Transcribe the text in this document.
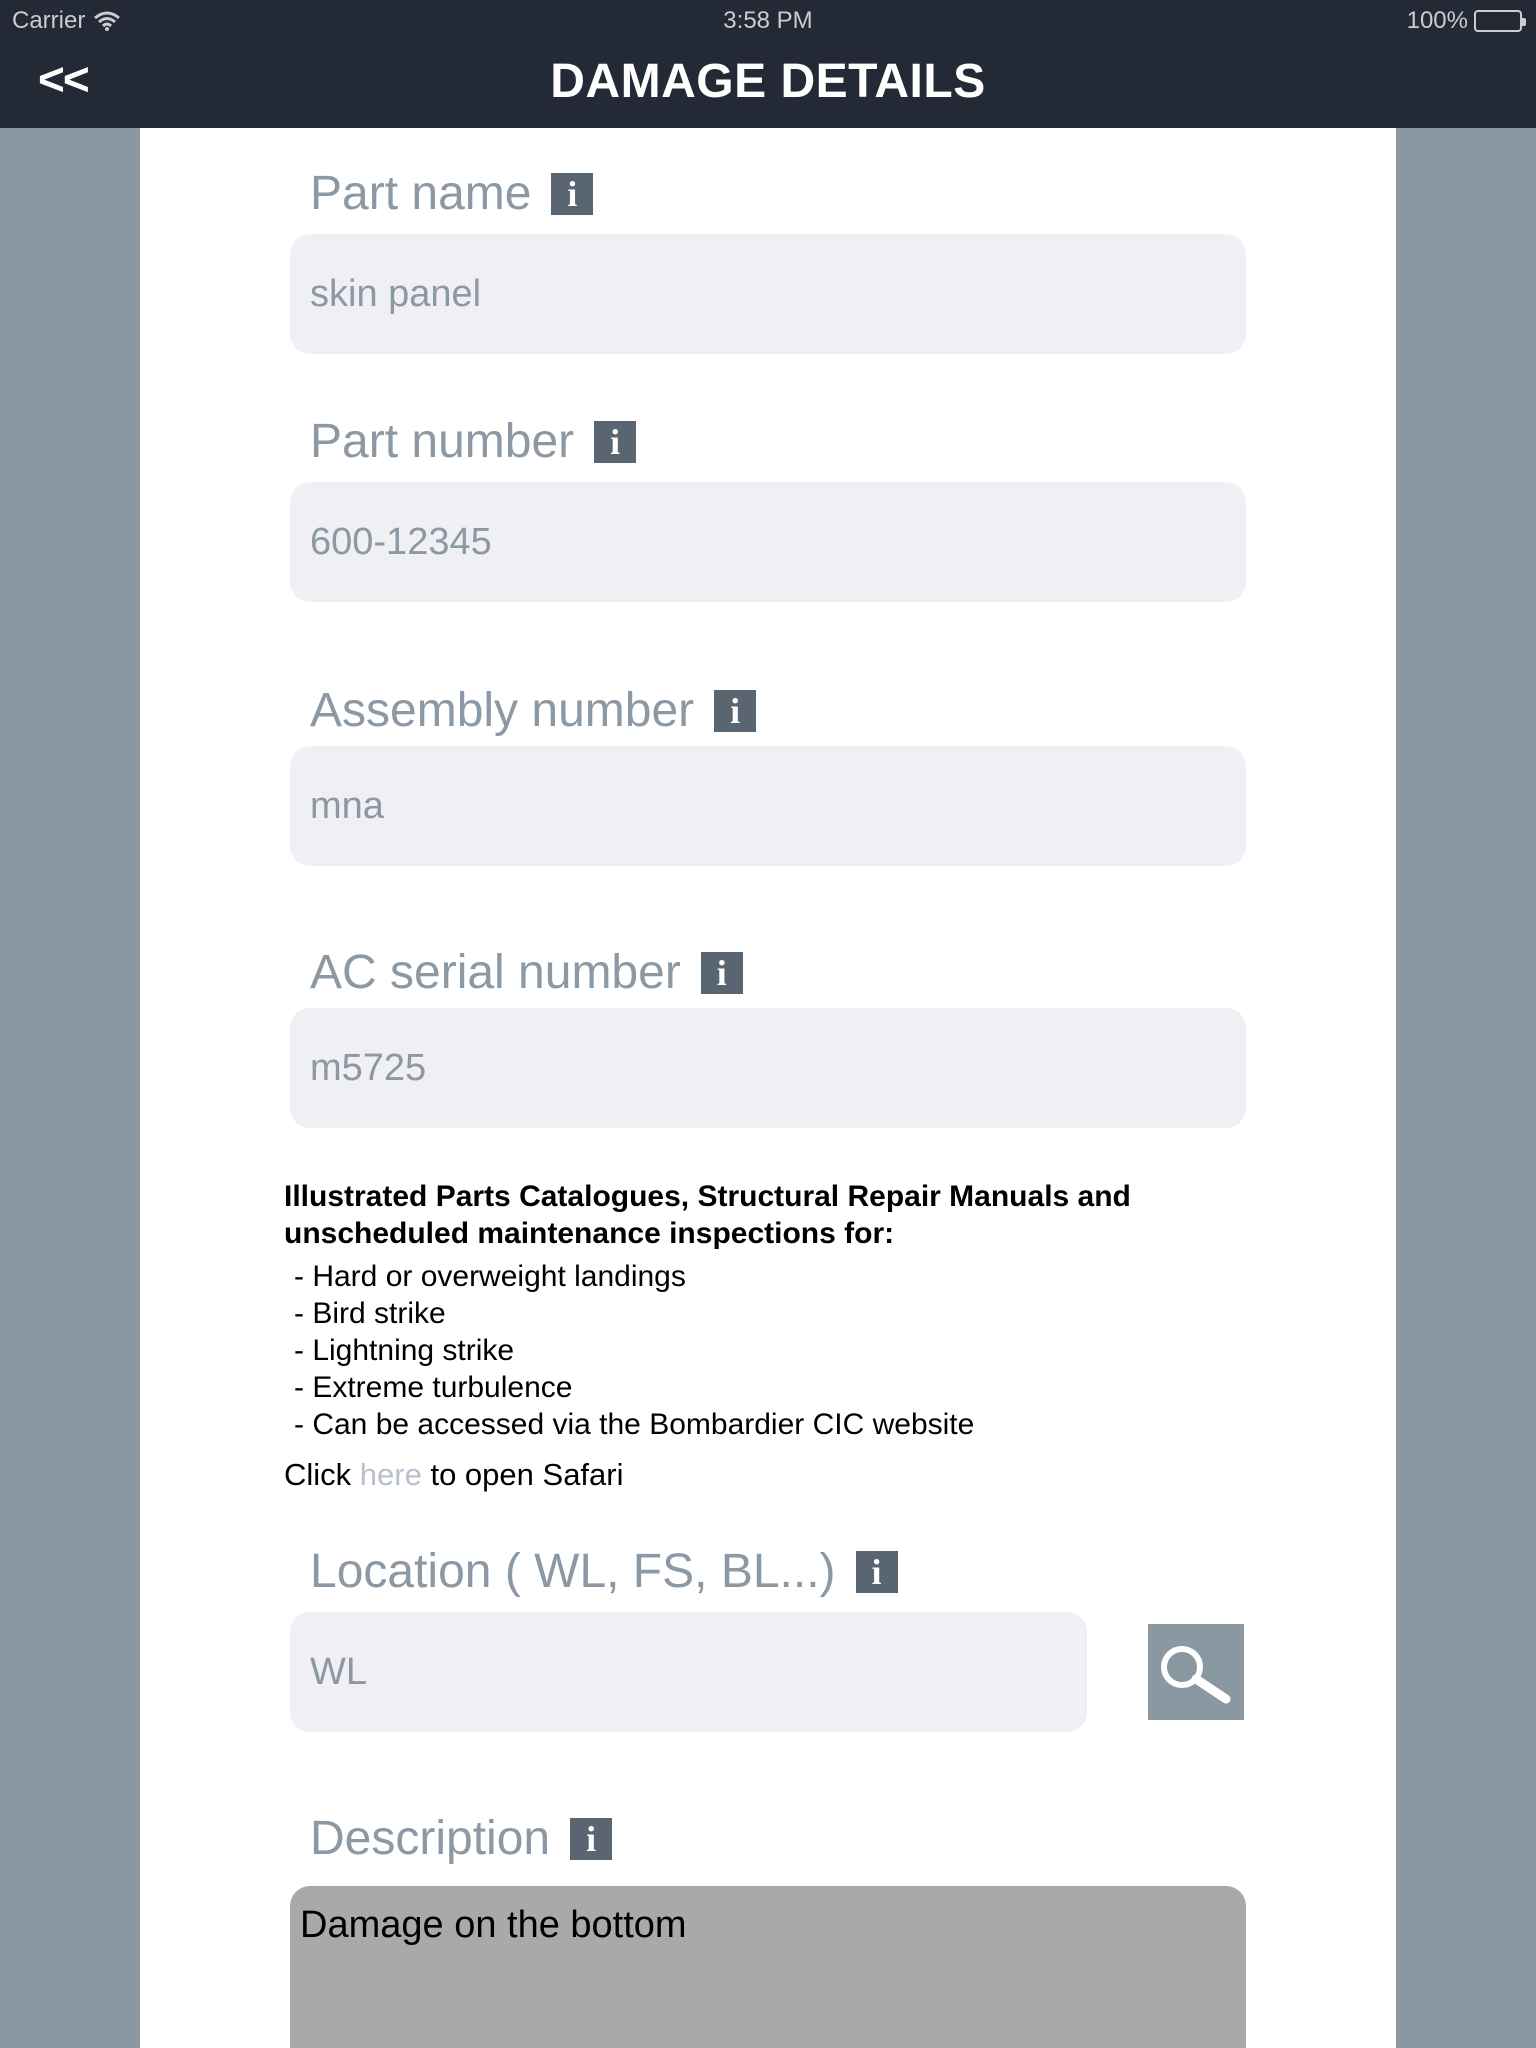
Carrier	3:58 PM	100%
<<	DAMAGE DETAILS
Part name i
skin panel
Part number i
600-12345
Assembly number i
mna
AC serial number i
m5725
Illustrated Parts Catalogues, Structural Repair Manuals and unscheduled maintenance inspections for:
- Hard or overweight landings
- Bird strike
- Lightning strike
- Extreme turbulence
- Can be accessed via the Bombardier CIC website
Click here to open Safari
Location ( WL, FS, BL...) i
WL
Description i
Damage on the bottom
